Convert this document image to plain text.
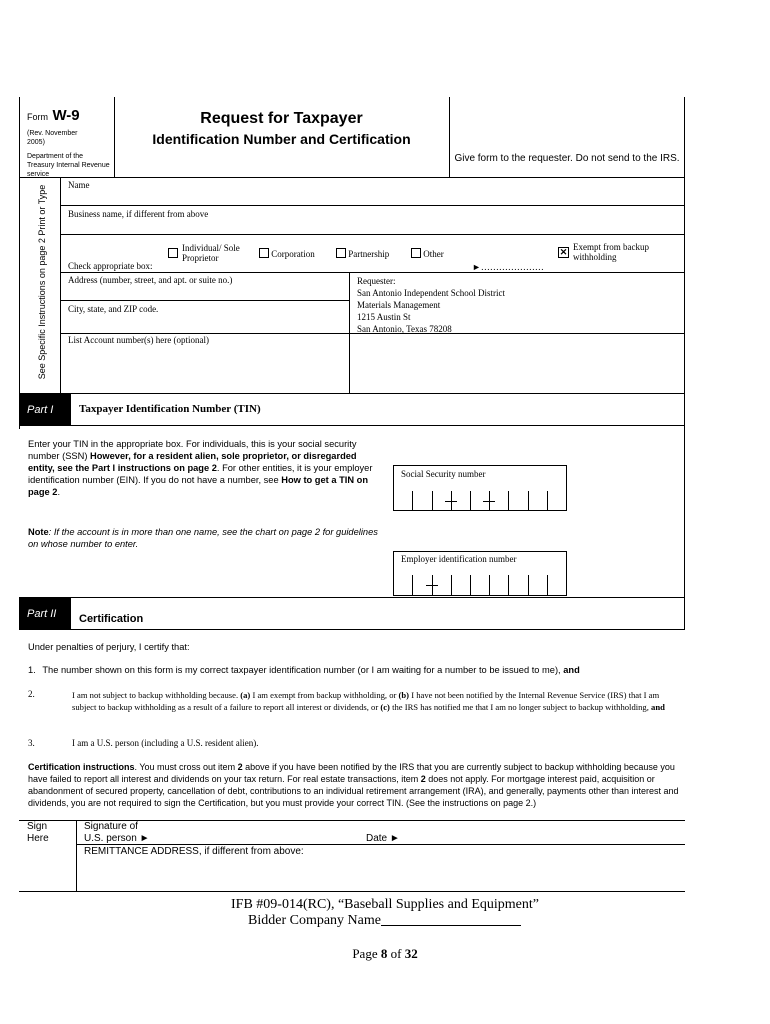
Form W-9
(Rev. November 2005)
Department of the Treasury Internal Revenue service
Request for Taxpayer
Identification Number and Certification
Give form to the requester. Do not send to the IRS.
See Specific Instructions on page 2 Print or Type Name
Business name, if different from above
Check appropriate box:
Individual/ Sole Proprietor	Corporation	Partnership	Other
►…………………
✕ Exempt from backup withholding
Address (number, street, and apt. or suite no.)
City, state, and ZIP code.
List Account number(s) here (optional)
Requester:
San Antonio Independent School District
Materials Management
1215 Austin St
San Antonio, Texas 78208
Part I	Taxpayer Identification Number (TIN)
Enter your TIN in the appropriate box. For individuals, this is your social security number (SSN) However, for a resident alien, sole proprietor, or disregarded entity, see the Part I instructions on page 2. For other entities, it is your employer identification number (EIN). If you do not have a number, see How to get a TIN on page 2.
Note: If the account is in more than one name, see the chart on page 2 for guidelines on whose number to enter.
Social Security number
Employer identification number
Part II	Certification
Under penalties of perjury, I certify that:
1. The number shown on this form is my correct taxpayer identification number (or I am waiting for a number to be issued to me), and
2.	I am not subject to backup withholding because. (a) I am exempt from backup withholding, or (b) I have not been notified by the Internal Revenue Service (IRS) that I am subject to backup withholding as a result of a failure to report all interest or dividends, or (c) the IRS has notified me that I am no longer subject to backup withholding, and
3.	I am a U.S. person (including a U.S. resident alien).
Certification instructions. You must cross out item 2 above if you have been notified by the IRS that you are currently subject to backup withholding because you have failed to report all interest and dividends on your tax return. For real estate transactions, item 2 does not apply. For mortgage interest paid, acquisition or abandonment of secured property, cancellation of debt, contributions to an individual retirement arrangement (IRA), and generally, payments other than interest and dividends, you are not required to sign the Certification, but you must provide your correct TIN. (See the instructions on page 2.)
Sign
Here
Signature of
U.S. person ►	Date ►
REMITTANCE ADDRESS, if different from above:
IFB #09-014(RC), “Baseball Supplies and Equipment”
Bidder Company Name
Page 8 of 32
